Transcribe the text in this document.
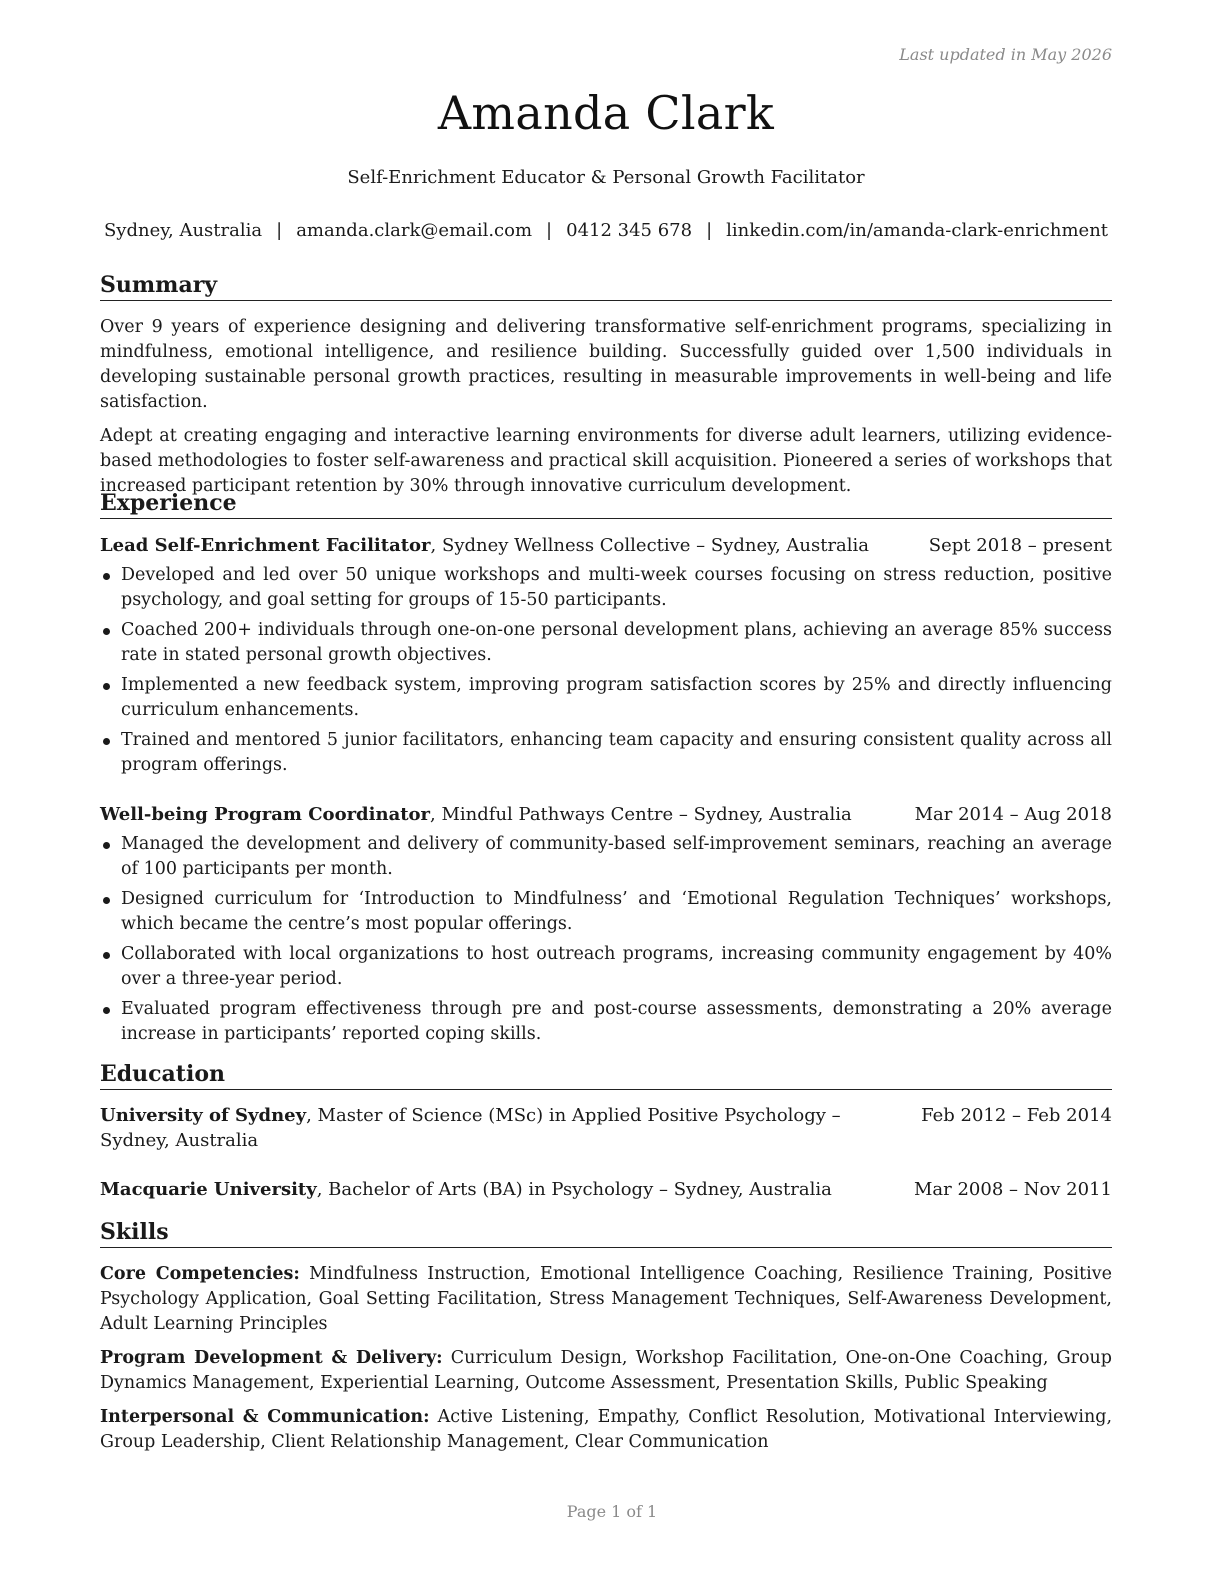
Last updated in May 2026
Amanda Clark
Self-Enrichment Educator & Personal Growth Facilitator
Sydney, Australia | amanda.clark@email.com | 0412 345 678 | linkedin.com/in/amanda-clark-enrichment
Summary

Over 9 years of experience designing and delivering transformative self-enrichment programs, specializing in mindfulness, emotional intelligence, and resilience building. Successfully guided over 1,500 individuals in developing sustainable personal growth practices, resulting in measurable improvements in well-being and life satisfaction.

Adept at creating engaging and interactive learning environments for diverse adult learners, utilizing evidence-based methodologies to foster self-awareness and practical skill acquisition. Pioneered a series of workshops that increased participant retention by 30% through innovative curriculum development.

Experience
Lead Self-Enrichment Facilitator, Sydney Wellness Collective – Sydney, Australia	Sept 2018 – present
Developed and led over 50 unique workshops and multi-week courses focusing on stress reduction, positive psychology, and goal setting for groups of 15-50 participants.
Coached 200+ individuals through one-on-one personal development plans, achieving an average 85% success rate in stated personal growth objectives.
Implemented a new feedback system, improving program satisfaction scores by 25% and directly influencing curriculum enhancements.
Trained and mentored 5 junior facilitators, enhancing team capacity and ensuring consistent quality across all program offerings.
Well-being Program Coordinator, Mindful Pathways Centre – Sydney, Australia	Mar 2014 – Aug 2018
Managed the development and delivery of community-based self-improvement seminars, reaching an average of 100 participants per month.
Designed curriculum for ‘Introduction to Mindfulness’ and ‘Emotional Regulation Techniques’ workshops, which became the centre’s most popular offerings.
Collaborated with local organizations to host outreach programs, increasing community engagement by 40% over a three-year period.
Evaluated program effectiveness through pre and post-course assessments, demonstrating a 20% average increase in participants’ reported coping skills.
Education
University of Sydney, Master of Science (MSc) in Applied Positive Psychology – Sydney, Australia
Feb 2012 – Feb 2014
Macquarie University, Bachelor of Arts (BA) in Psychology – Sydney, Australia	Mar 2008 – Nov 2011
Skills

Core Competencies: Mindfulness Instruction, Emotional Intelligence Coaching, Resilience Training, Positive Psychology Application, Goal Setting Facilitation, Stress Management Techniques, Self-Awareness Development, Adult Learning Principles

Program Development & Delivery: Curriculum Design, Workshop Facilitation, One-on-One Coaching, Group Dynamics Management, Experiential Learning, Outcome Assessment, Presentation Skills, Public Speaking

Interpersonal & Communication: Active Listening, Empathy, Conflict Resolution, Motivational Interviewing, Group Leadership, Client Relationship Management, Clear Communication

Page 1 of 1
